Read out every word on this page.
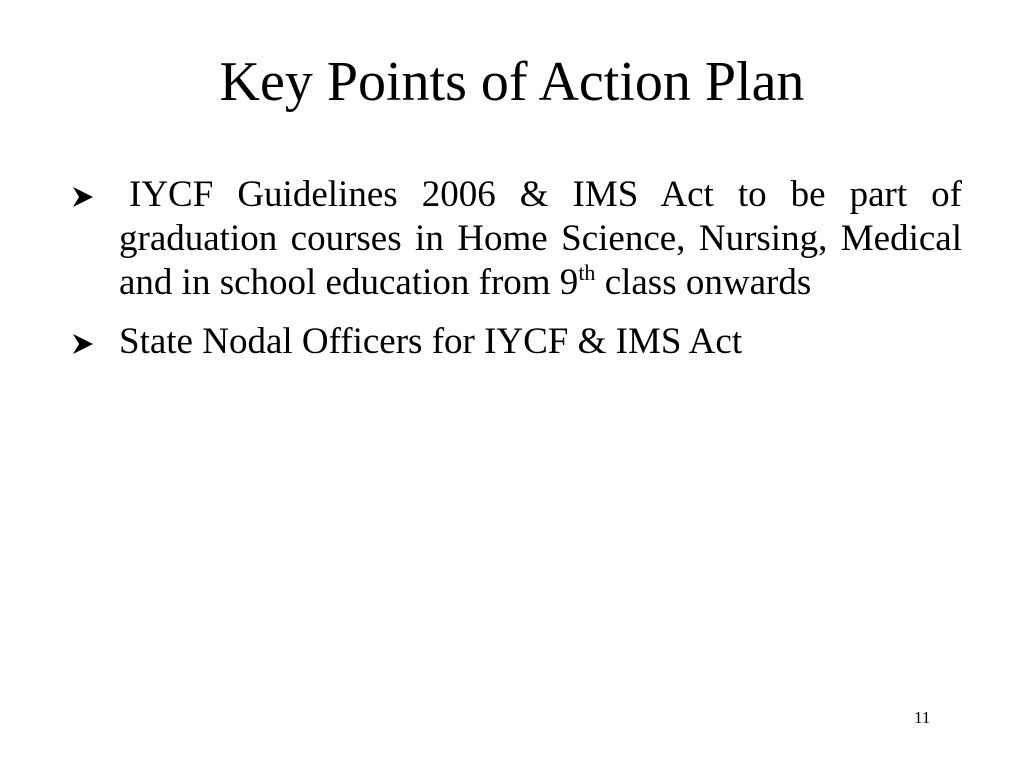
Key Points of Action Plan
IYCF Guidelines 2006 & IMS Act to be part of graduation courses in Home Science, Nursing, Medical and in school education from 9th class onwards
State Nodal Officers for IYCF & IMS Act
11
